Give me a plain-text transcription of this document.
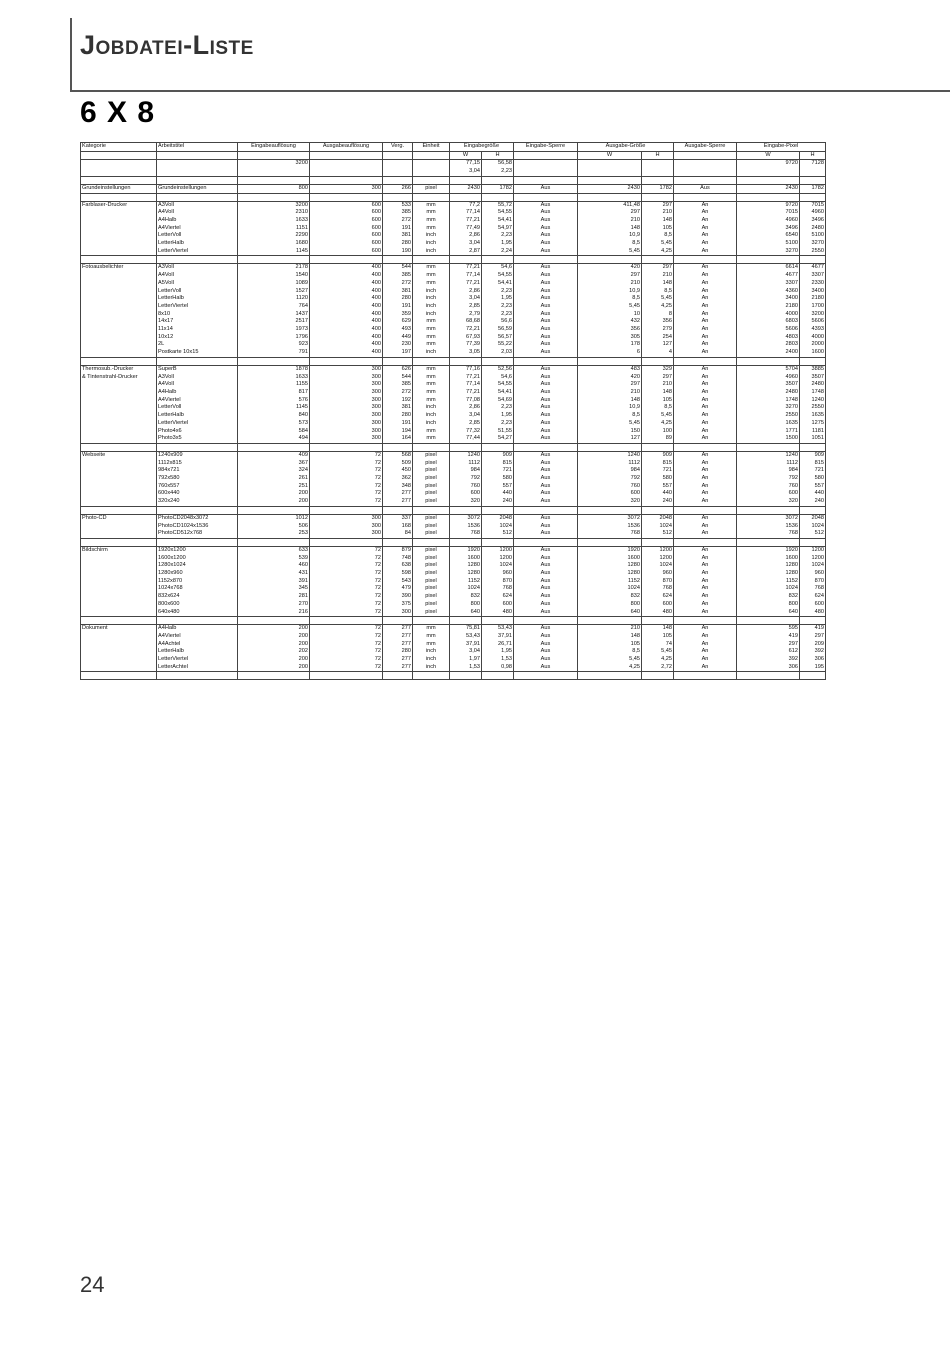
Jobdatei-Liste
6 X 8
Kategorie	Arbeitstitel	Eingabeauflösung	Ausgabeauflösung	Verg.	Einheit	Eingabegröße		Eingabe-Sperre	Ausgabe-Größe		Ausgabe-Sperre	Eingabe-Pixel	
						W	H		W	H		W	H
		3200				77,15	56,58					9720	7128
						3,04	2,23						

Grundeinstellungen	Grundeinstellungen	800	300	266	pixel	2430	1782	Aus	2430	1782	Aus	2430	1782

Farblaser-Drucker	A3Voll	3200	600	533	mm	77,2	55,72	Aus	411,48	297	An	9720	7015
	A4Voll	2310	600	385	mm	77,14	54,55	Aus	297	210	An	7015	4960
	A4Halb	1633	600	272	mm	77,21	54,41	Aus	210	148	An	4960	3496
	A4Viertel	1151	600	191	mm	77,49	54,97	Aus	148	105	An	3496	2480
	LetterVoll	2290	600	381	inch	2,86	2,23	Aus	10,9	8,5	An	6540	5100
	LetterHalb	1680	600	280	inch	3,04	1,95	Aus	8,5	5,45	An	5100	3270
	LetterViertel	1145	600	190	inch	2,87	2,24	Aus	5,45	4,25	An	3270	2550

Fotoausbelichter	A3Voll	2178	400	544	mm	77,21	54,6	Aus	420	297	An	6614	4677
	A4Voll	1540	400	385	mm	77,14	54,55	Aus	297	210	An	4677	3307
	A5Voll	1089	400	272	mm	77,21	54,41	Aus	210	148	An	3307	2330
	LetterVoll	1527	400	381	inch	2,86	2,23	Aus	10,9	8,5	An	4360	3400
	LetterHalb	1120	400	280	inch	3,04	1,95	Aus	8,5	5,45	An	3400	2180
	LetterViertel	764	400	191	inch	2,85	2,23	Aus	5,45	4,25	An	2180	1700
	8x10	1437	400	359	inch	2,79	2,23	Aus	10	8	An	4000	3200
	14x17	2517	400	629	mm	68,68	56,6	Aus	432	356	An	6803	5606
	11x14	1973	400	493	mm	72,21	56,59	Aus	356	279	An	5606	4393
	10x12	1796	400	449	mm	67,93	56,57	Aus	305	254	An	4803	4000
	2L	923	400	230	mm	77,39	55,22	Aus	178	127	An	2803	2000
	Postkarte 10x15	791	400	197	inch	3,05	2,03	Aus	6	4	An	2400	1600

Thermosub.-Drucker	SuperB	1878	300	626	mm	77,16	52,56	Aus	483	329	An	5704	3885
& Tintenstrahl-Drucker	A3Voll	1633	300	544	mm	77,21	54,6	Aus	420	297	An	4960	3507
	A4Voll	1155	300	385	mm	77,14	54,55	Aus	297	210	An	3507	2480
	A4Halb	817	300	272	mm	77,21	54,41	Aus	210	148	An	2480	1748
	A4Viertel	576	300	192	mm	77,08	54,69	Aus	148	105	An	1748	1240
	LetterVoll	1145	300	381	inch	2,86	2,23	Aus	10,9	8,5	An	3270	2550
	LetterHalb	840	300	280	inch	3,04	1,95	Aus	8,5	5,45	An	2550	1635
	LetterViertel	573	300	191	inch	2,85	2,23	Aus	5,45	4,25	An	1635	1275
	Photo4x6	584	300	194	mm	77,32	51,55	Aus	150	100	An	1771	1181
	Photo3x5	494	300	164	mm	77,44	54,27	Aus	127	89	An	1500	1051

Webseite	1240x909	409	72	568	pixel	1240	909	Aus	1240	909	An	1240	909
	1112x815	367	72	509	pixel	1112	815	Aus	1112	815	An	1112	815
	984x721	324	72	450	pixel	984	721	Aus	984	721	An	984	721
	792x580	261	72	362	pixel	792	580	Aus	792	580	An	792	580
	760x557	251	72	348	pixel	760	557	Aus	760	557	An	760	557
	600x440	200	72	277	pixel	600	440	Aus	600	440	An	600	440
	320x240	200	72	277	pixel	320	240	Aus	320	240	An	320	240

Photo-CD	PhotoCD2048x3072	1012	300	337	pixel	3072	2048	Aus	3072	2048	An	3072	2048
	PhotoCD1024x1536	506	300	168	pixel	1536	1024	Aus	1536	1024	An	1536	1024
	PhotoCD512x768	253	300	84	pixel	768	512	Aus	768	512	An	768	512

Bildschirm	1920x1200	633	72	879	pixel	1920	1200	Aus	1920	1200	An	1920	1200
	1600x1200	539	72	748	pixel	1600	1200	Aus	1600	1200	An	1600	1200
	1280x1024	460	72	638	pixel	1280	1024	Aus	1280	1024	An	1280	1024
	1280x960	431	72	598	pixel	1280	960	Aus	1280	960	An	1280	960
	1152x870	391	72	543	pixel	1152	870	Aus	1152	870	An	1152	870
	1024x768	345	72	479	pixel	1024	768	Aus	1024	768	An	1024	768
	832x624	281	72	390	pixel	832	624	Aus	832	624	An	832	624
	800x600	270	72	375	pixel	800	600	Aus	800	600	An	800	600
	640x480	216	72	300	pixel	640	480	Aus	640	480	An	640	480

Dokument	A4Halb	200	72	277	mm	75,81	53,43	Aus	210	148	An	595	419
	A4Viertel	200	72	277	mm	53,43	37,91	Aus	148	105	An	419	297
	A4Achtel	200	72	277	mm	37,91	26,71	Aus	105	74	An	297	209
	LetterHalb	202	72	280	inch	3,04	1,95	Aus	8,5	5,45	An	612	392
	LetterViertel	200	72	277	inch	1,97	1,53	Aus	5,45	4,25	An	392	306
	LetterAchtel	200	72	277	inch	1,53	0,98	Aus	4,25	2,72	An	306	195

24
